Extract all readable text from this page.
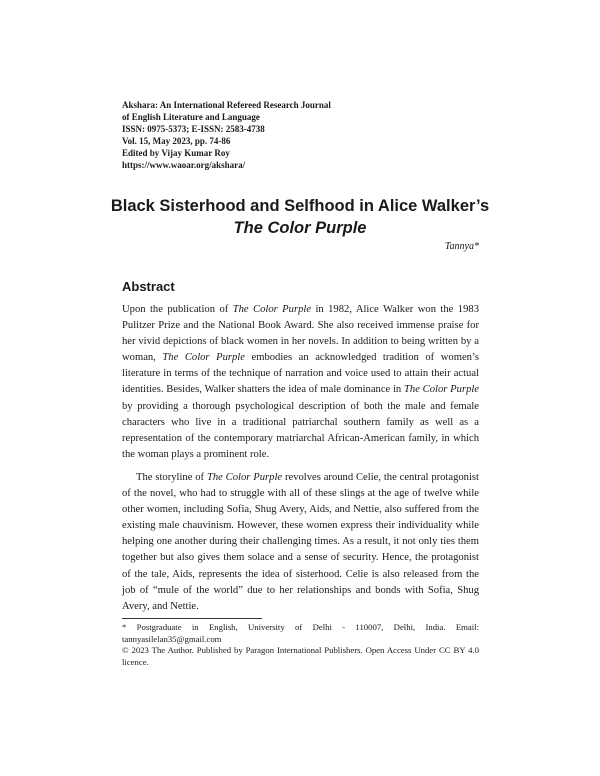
Akshara: An International Refereed Research Journal
of English Literature and Language
ISSN: 0975-5373; E-ISSN: 2583-4738
Vol. 15, May 2023, pp. 74-86
Edited by Vijay Kumar Roy
https://www.waoar.org/akshara/
Black Sisterhood and Selfhood in Alice Walker’s
The Color Purple
Tannya*
Abstract

Upon the publication of The Color Purple in 1982, Alice Walker won the 1983 Pulitzer Prize and the National Book Award. She also received immense praise for her vivid depictions of black women in her novels. In addition to being written by a woman, The Color Purple embodies an acknowledged tradition of women’s literature in terms of the technique of narration and voice used to attain their actual identities. Besides, Walker shatters the idea of male dominance in The Color Purple by providing a thorough psychological description of both the male and female characters who live in a traditional patriarchal southern family as well as a representation of the contemporary matriarchal African-American family, in which the woman plays a prominent role.

The storyline of The Color Purple revolves around Celie, the central protagonist of the novel, who had to struggle with all of these slings at the age of twelve while other women, including Sofia, Shug Avery, Aids, and Nettie, also suffered from the existing male chauvinism. However, these women express their individuality while helping one another during their challenging times. As a result, it not only ties them together but also gives them solace and a sense of security. Hence, the protagonist of the tale, Aids, represents the idea of sisterhood. Celie is also released from the job of “mule of the world” due to her relationships and bonds with Sofia, Shug Avery, and Nettie.

* Postgraduate in English, University of Delhi - 110007, Delhi, India. Email: tannyasilelan35@gmail.com

© 2023 The Author. Published by Paragon International Publishers. Open Access Under CC BY 4.0 licence.
